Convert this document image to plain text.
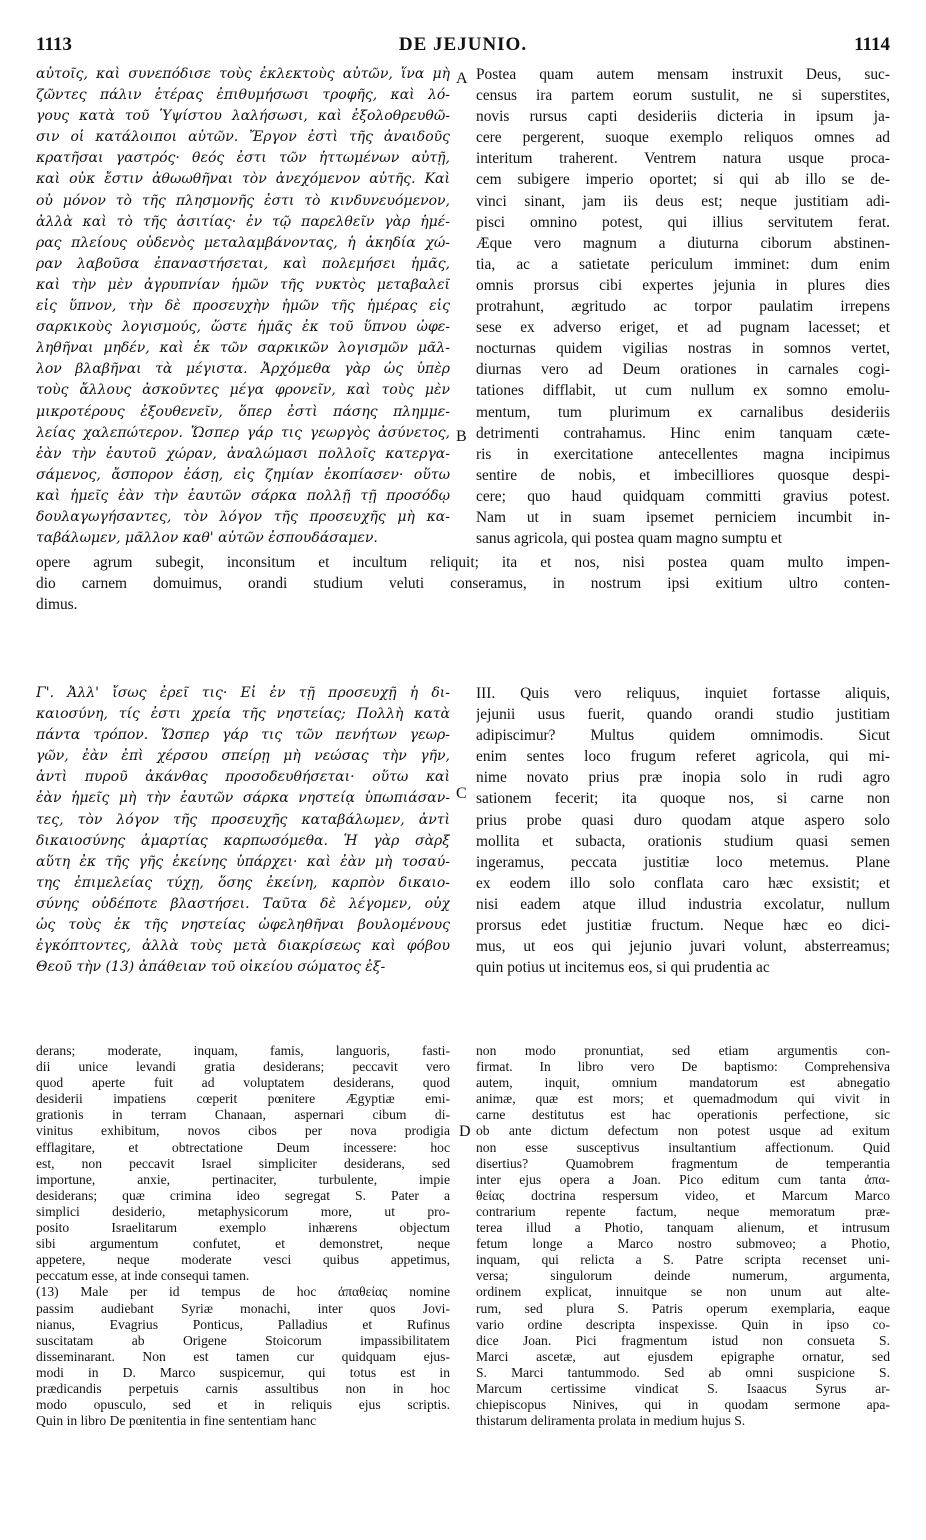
1113	DE JEJUNIO.	1114
A
B
C
D
αὐτοῖς, καὶ συνεπόδισε τοὺς ἐκλεκτοὺς αὐτῶν, ἵνα μὴ
ζῶντες πάλιν ἑτέρας ἐπιθυμήσωσι τροφῆς, καὶ λό-
γους κατὰ τοῦ Ὑψίστου λαλήσωσι, καὶ ἐξολοθρευθῶ-
σιν οἱ κατάλοιποι αὐτῶν. Ἔργον ἐστὶ τῆς ἀναιδοῦς
κρατῆσαι γαστρός· θεός ἐστι τῶν ἡττωμένων αὐτῇ,
καὶ οὐκ ἔστιν ἀθωωθῆναι τὸν ἀνεχόμενον αὐτῆς. Καὶ
οὐ μόνον τὸ τῆς πλησμονῆς ἐστι τὸ κινδυνευόμενον,
ἀλλὰ καὶ τὸ τῆς ἀσιτίας· ἐν τῷ παρελθεῖν γὰρ ἡμέ-
ρας πλείους οὐδενὸς μεταλαμβάνοντας, ἡ ἀκηδία χώ-
ραν λαβοῦσα ἐπαναστήσεται, καὶ πολεμήσει ἡμᾶς,
καὶ τὴν μὲν ἀγρυπνίαν ἡμῶν τῆς νυκτὸς μεταβαλεῖ
εἰς ὕπνον, τὴν δὲ προσευχὴν ἡμῶν τῆς ἡμέρας εἰς
σαρκικοὺς λογισμούς, ὥστε ἡμᾶς ἐκ τοῦ ὕπνου ὠφε-
ληθῆναι μηδέν, καὶ ἐκ τῶν σαρκικῶν λογισμῶν μᾶλ-
λον βλαβῆναι τὰ μέγιστα. Ἀρχόμεθα γὰρ ὡς ὑπὲρ
τοὺς ἄλλους ἀσκοῦντες μέγα φρονεῖν, καὶ τοὺς μὲν
μικροτέρους ἐξουθενεῖν, ὅπερ ἐστὶ πάσης πλημμε-
λείας χαλεπώτερον. Ὥσπερ γάρ τις γεωργὸς ἀσύνετος,
ἐὰν τὴν ἑαυτοῦ χώραν, ἀναλώμασι πολλοῖς κατεργα-
σάμενος, ἄσπορον ἐάσῃ, εἰς ζημίαν ἐκοπίασεν· οὕτω
καὶ ἡμεῖς ἐὰν τὴν ἑαυτῶν σάρκα πολλῇ τῇ προσόδῳ
δουλαγωγήσαντες, τὸν λόγον τῆς προσευχῆς μὴ κα-
ταβάλωμεν, μᾶλλον καθ' αὐτῶν ἐσπουδάσαμεν.
Postea quam autem mensam instruxit Deus, suc-
census ira partem eorum sustulit, ne si superstites,
novis rursus capti desideriis dicteria in ipsum ja-
cere pergerent, suoque exemplo reliquos omnes ad
interitum traherent. Ventrem natura usque proca-
cem subigere imperio oportet; si qui ab illo se de-
vinci sinant, jam iis deus est; neque justitiam adi-
pisci omnino potest, qui illius servitutem ferat.
Æque vero magnum a diuturna ciborum abstinen-
tia, ac a satietate periculum imminet: dum enim
omnis prorsus cibi expertes jejunia in plures dies
protrahunt, ægritudo ac torpor paulatim irrepens
sese ex adverso eriget, et ad pugnam lacesset; et
nocturnas quidem vigilias nostras in somnos vertet,
diurnas vero ad Deum orationes in carnales cogi-
tationes difflabit, ut cum nullum ex somno emolu-
mentum, tum plurimum ex carnalibus desideriis
detrimenti contrahamus. Hinc enim tanquam cæte-
ris in exercitatione antecellentes magna incipimus
sentire de nobis, et imbecilliores quosque despi-
cere; quo haud quidquam committi gravius potest.
Nam ut in suam ipsemet perniciem incumbit in-
sanus agricola, qui postea quam magno sumptu et
opere agrum subegit, inconsitum et incultum reliquit; ita et nos, nisi postea quam multo impen-
dio carnem domuimus, orandi studium veluti conseramus, in nostrum ipsi exitium ultro conten-
dimus.
Γ'. Ἀλλ' ἴσως ἐρεῖ τις· Εἰ ἐν τῇ προσευχῇ ἡ δι-
καιοσύνη, τίς ἐστι χρεία τῆς νηστείας; Πολλὴ κατὰ
πάντα τρόπον. Ὥσπερ γάρ τις τῶν πενήτων γεωρ-
γῶν, ἐὰν ἐπὶ χέρσου σπείρῃ μὴ νεώσας τὴν γῆν,
ἀντὶ πυροῦ ἀκάνθας προσοδευθήσεται· οὕτω καὶ
ἐὰν ἡμεῖς μὴ τὴν ἑαυτῶν σάρκα νηστείᾳ ὑπωπιάσαν-
τες, τὸν λόγον τῆς προσευχῆς καταβάλωμεν, ἀντὶ
δικαιοσύνης ἁμαρτίας καρπωσόμεθα. Ἡ γὰρ σὰρξ
αὕτη ἐκ τῆς γῆς ἐκείνης ὑπάρχει· καὶ ἐὰν μὴ τοσαύ-
της ἐπιμελείας τύχῃ, ὅσης ἐκείνη, καρπὸν δικαιο-
σύνης οὐδέποτε βλαστήσει. Ταῦτα δὲ λέγομεν, οὐχ
ὡς τοὺς ἐκ τῆς νηστείας ὠφεληθῆναι βουλομένους
ἐγκόπτοντες, ἀλλὰ τοὺς μετὰ διακρίσεως καὶ φόβου
Θεοῦ τὴν (13) ἀπάθειαν τοῦ οἰκείου σώματος ἐξ-
III. Quis vero reliquus, inquiet fortasse aliquis,
jejunii usus fuerit, quando orandi studio justitiam
adipiscimur? Multus quidem omnimodis. Sicut
enim sentes loco frugum referet agricola, qui mi-
nime novato prius præ inopia solo in rudi agro
sationem fecerit; ita quoque nos, si carne non
prius probe quasi duro quodam atque aspero solo
mollita et subacta, orationis studium quasi semen
ingeramus, peccata justitiæ loco metemus. Plane
ex eodem illo solo conflata caro hæc exsistit; et
nisi eadem atque illud industria excolatur, nullum
prorsus edet justitiæ fructum. Neque hæc eo dici-
mus, ut eos qui jejunio juvari volunt, absterreamus;
quin potius ut incitemus eos, si qui prudentia ac
derans; moderate, inquam, famis, languoris, fasti-
dii unice levandi gratia desiderans; peccavit vero
quod aperte fuit ad voluptatem desiderans, quod
desiderii impatiens cœperit pœnitere Ægyptiæ emi-
grationis in terram Chanaan, aspernari cibum di-
vinitus exhibitum, novos cibos per nova prodigia
efflagitare, et obtrectatione Deum incessere: hoc
est, non peccavit Israel simpliciter desiderans, sed
importune, anxie, pertinaciter, turbulente, impie
desiderans; quæ crimina ideo segregat S. Pater a
simplici desiderio, metaphysicorum more, ut pro-
posito Israelitarum exemplo inhærens objectum
sibi argumentum confutet, et demonstret, neque
appetere, neque moderate vesci quibus appetimus,
peccatum esse, at inde consequi tamen.
(13) Male per id tempus de hoc ἀπαθείας nomine
passim audiebant Syriæ monachi, inter quos Jovi-
nianus, Evagrius Ponticus, Palladius et Rufinus
suscitatam ab Origene Stoicorum impassibilitatem
disseminarant. Non est tamen cur quidquam ejus-
modi in D. Marco suspicemur, qui totus est in
prædicandis perpetuis carnis assultibus non in hoc
modo opusculo, sed et in reliquis ejus scriptis.
Quin in libro De pœnitentia in fine sententiam hanc
non modo pronuntiat, sed etiam argumentis con-
firmat. In libro vero De baptismo: Comprehensiva
autem, inquit, omnium mandatorum est abnegatio
animæ, quæ est mors; et quemadmodum qui vivit in
carne destitutus est hac operationis perfectione, sic
ob ante dictum defectum non potest usque ad exitum
non esse susceptivus insultantium affectionum. Quid
disertius? Quamobrem fragmentum de temperantia
inter ejus opera a Joan. Pico editum cum tanta ἀπα-
θείας doctrina respersum video, et Marcum Marco
contrarium repente factum, neque memoratum præ-
terea illud a Photio, tanquam alienum, et intrusum
fetum longe a Marco nostro submoveo; a Photio,
inquam, qui relicta a S. Patre scripta recenset uni-
versa; singulorum deinde numerum, argumenta,
ordinem explicat, innuitque se non unum aut alte-
rum, sed plura S. Patris operum exemplaria, eaque
vario ordine descripta inspexisse. Quin in ipso co-
dice Joan. Pici fragmentum istud non consueta S.
Marci ascetæ, aut ejusdem epigraphe ornatur, sed
S. Marci tantummodo. Sed ab omni suspicione S.
Marcum certissime vindicat S. Isaacus Syrus ar-
chiepiscopus Ninives, qui in quodam sermone apa-
thistarum deliramenta prolata in medium hujus S.
